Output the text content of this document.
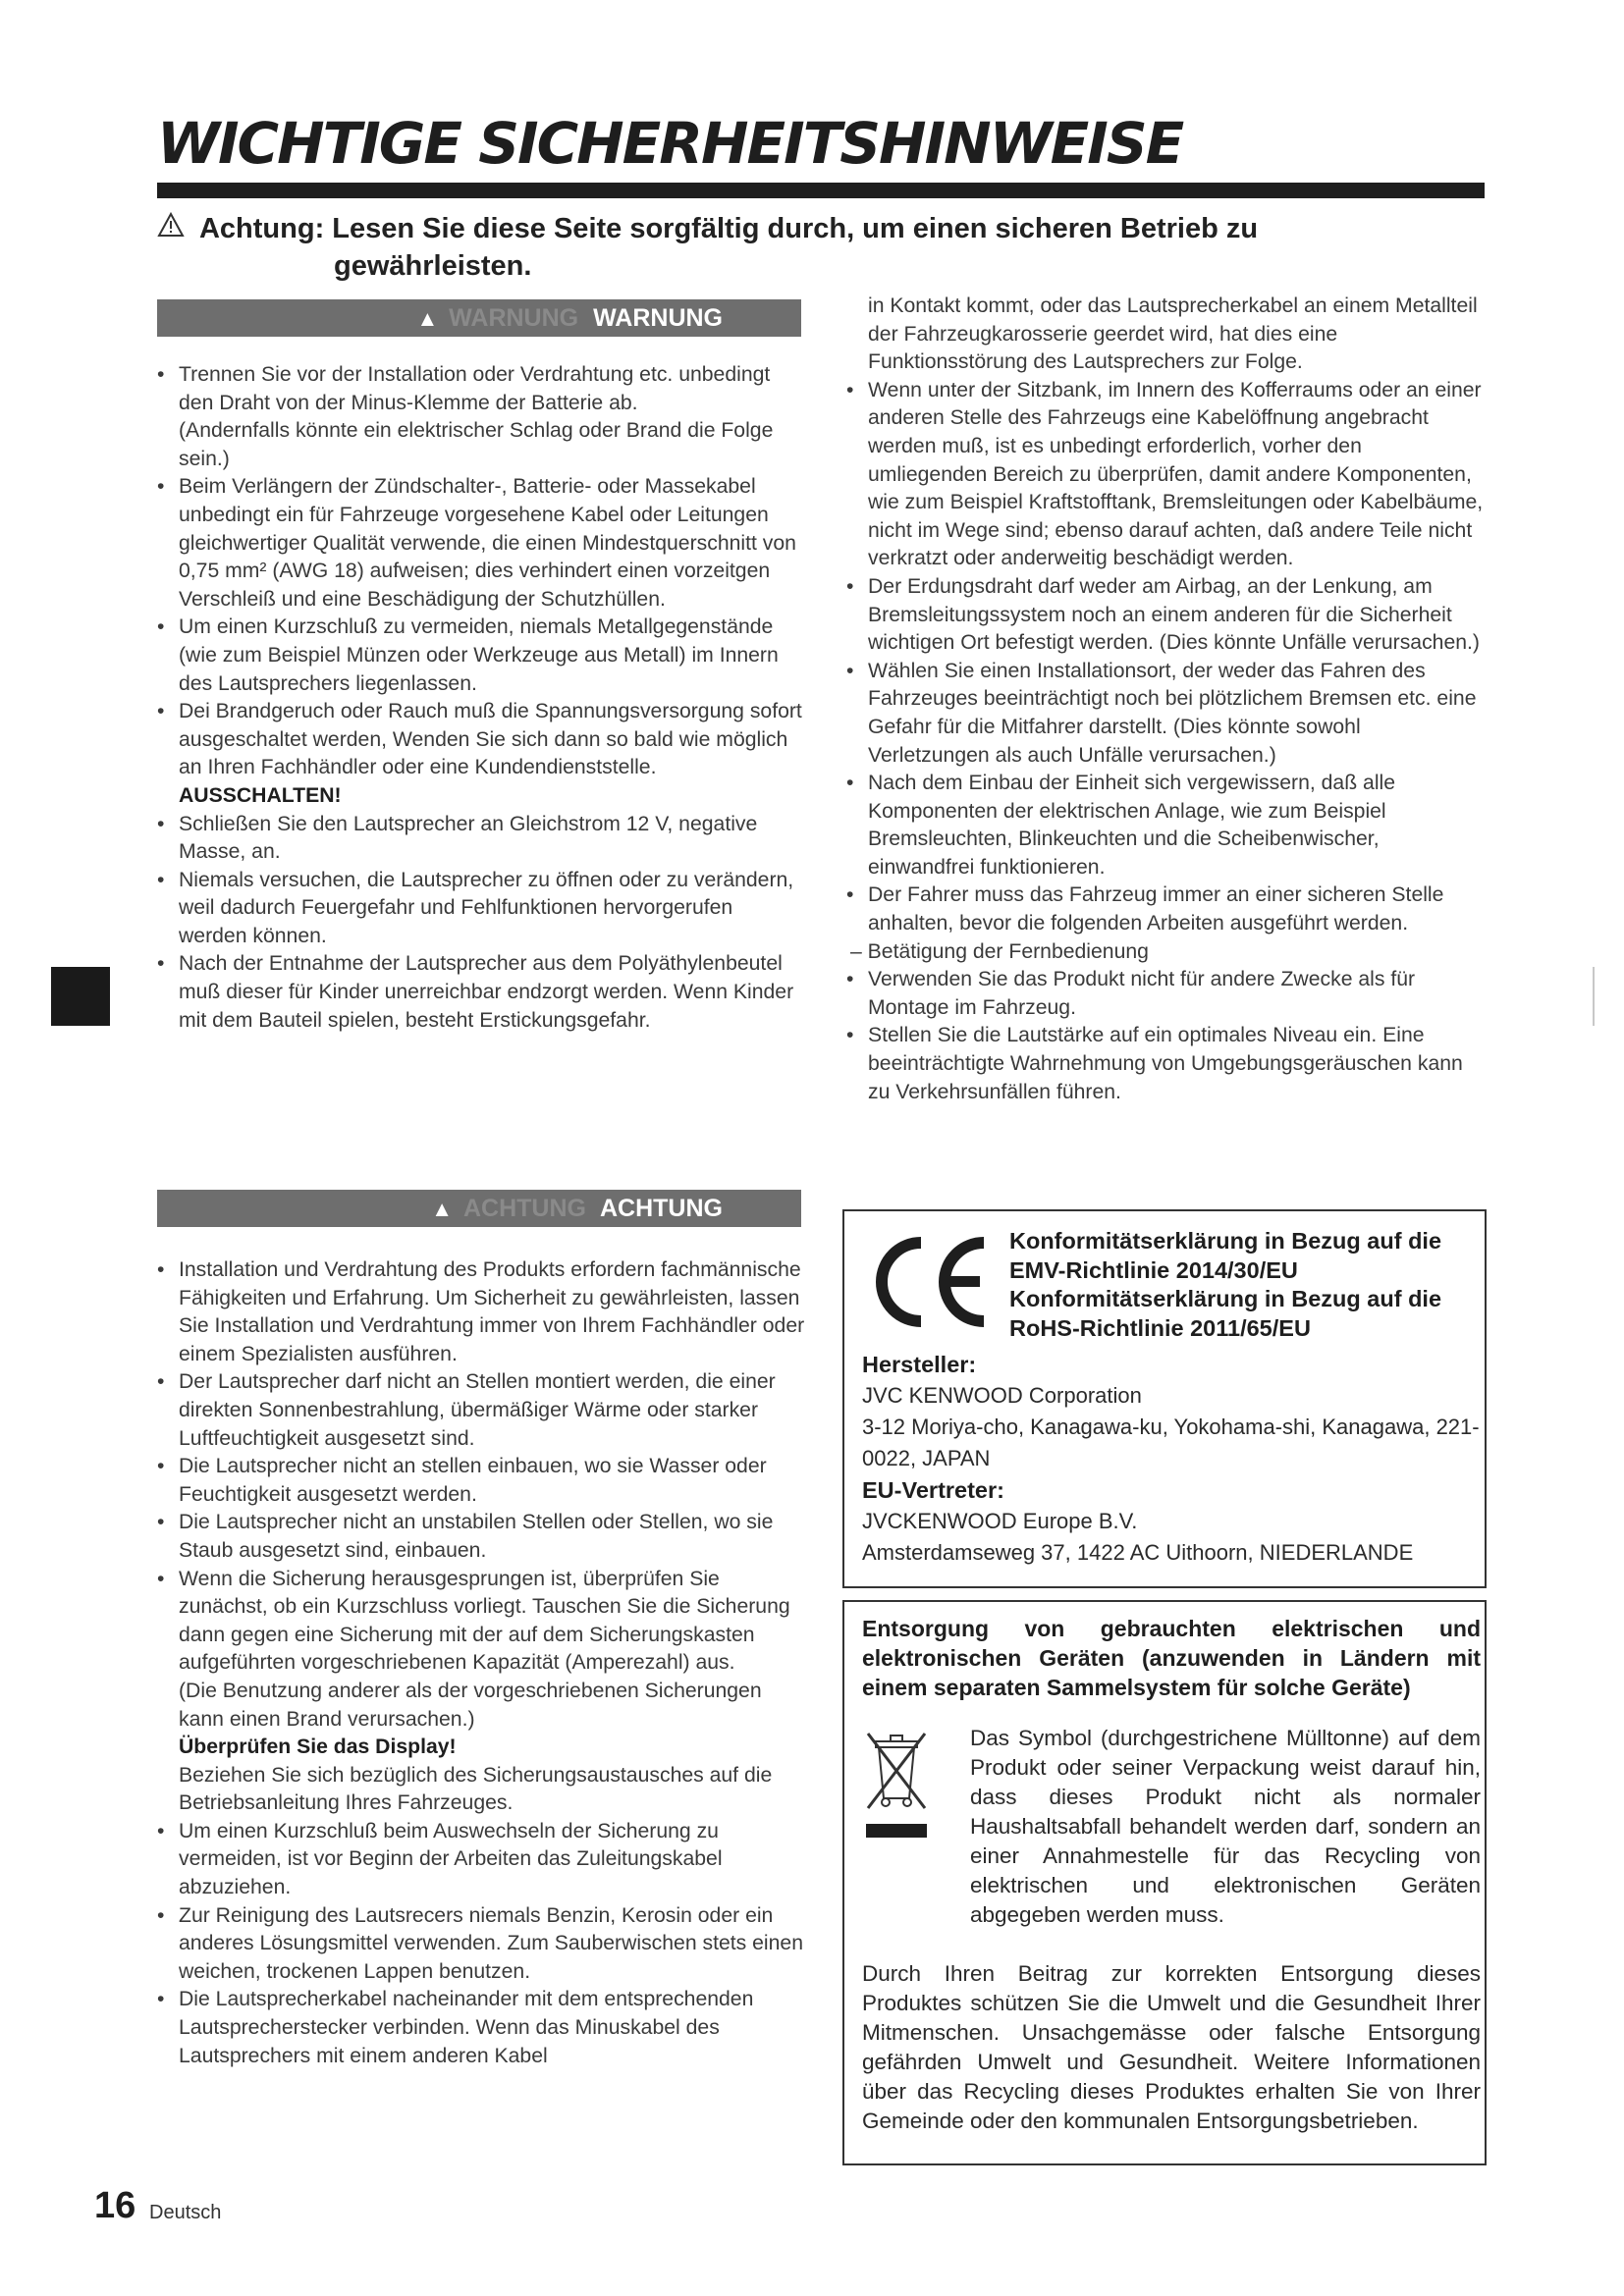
WICHTIGE SICHERHEITSHINWEISE
Achtung: Lesen Sie diese Seite sorgfältig durch, um einen sicheren Betrieb zu
gewährleisten.
▲ WARNUNG WARNUNG
• Trennen Sie vor der Installation oder Verdrahtung etc. unbedingt den Draht von der Minus-Klemme der Batterie ab.
(Andernfalls könnte ein elektrischer Schlag oder Brand die Folge sein.)
• Beim Verlängern der Zündschalter-, Batterie- oder Massekabel unbedingt ein für Fahrzeuge vorgesehene Kabel oder Leitungen gleichwertiger Qualität verwende, die einen Mindestquerschnitt von 0,75 mm² (AWG 18) aufweisen; dies verhindert einen vorzeitgen Verschleiß und eine Beschädigung der Schutzhüllen.
• Um einen Kurzschluß zu vermeiden, niemals Metallgegenstände (wie zum Beispiel Münzen oder Werkzeuge aus Metall) im Innern des Lautsprechers liegenlassen.
• Dei Brandgeruch oder Rauch muß die Spannungsversorgung sofort ausgeschaltet werden, Wenden Sie sich dann so bald wie möglich an Ihren Fachhändler oder eine Kundendienststelle.
AUSSCHALTEN!
• Schließen Sie den Lautsprecher an Gleichstrom 12 V, negative Masse, an.
• Niemals versuchen, die Lautsprecher zu öffnen oder zu verändern, weil dadurch Feuergefahr und Fehlfunktionen hervorgerufen werden können.
• Nach der Entnahme der Lautsprecher aus dem Polyäthylenbeutel muß dieser für Kinder unerreichbar endzorgt werden. Wenn Kinder mit dem Bauteil spielen, besteht Erstickungsgefahr.
▲ ACHTUNG ACHTUNG
• Installation und Verdrahtung des Produkts erfordern fachmännische Fähigkeiten und Erfahrung. Um Sicherheit zu gewährleisten, lassen Sie Installation und Verdrahtung immer von Ihrem Fachhändler oder einem Spezialisten ausführen.
• Der Lautsprecher darf nicht an Stellen montiert werden, die einer direkten Sonnenbestrahlung, übermäßiger Wärme oder starker Luftfeuchtigkeit ausgesetzt sind.
• Die Lautsprecher nicht an stellen einbauen, wo sie Wasser oder Feuchtigkeit ausgesetzt werden.
• Die Lautsprecher nicht an unstabilen Stellen oder Stellen, wo sie Staub ausgesetzt sind, einbauen.
• Wenn die Sicherung herausgesprungen ist, überprüfen Sie zunächst, ob ein Kurzschluss vorliegt. Tauschen Sie die Sicherung dann gegen eine Sicherung mit der auf dem Sicherungskasten aufgeführten vorgeschriebenen Kapazität (Amperezahl) aus.
(Die Benutzung anderer als der vorgeschriebenen Sicherungen kann einen Brand verursachen.)
Überprüfen Sie das Display!
Beziehen Sie sich bezüglich des Sicherungsaustausches auf die Betriebsanleitung Ihres Fahrzeuges.
• Um einen Kurzschluß beim Auswechseln der Sicherung zu vermeiden, ist vor Beginn der Arbeiten das Zuleitungskabel abzuziehen.
• Zur Reinigung des Lautsrecers niemals Benzin, Kerosin oder ein anderes Lösungsmittel verwenden. Zum Sauberwischen stets einen weichen, trockenen Lappen benutzen.
• Die Lautsprecherkabel nacheinander mit dem entsprechenden Lautsprecherstecker verbinden. Wenn das Minuskabel des Lautsprechers mit einem anderen Kabel
in Kontakt kommt, oder das Lautsprecherkabel an einem Metallteil der Fahrzeugkarosserie geerdet wird, hat dies eine Funktionsstörung des Lautsprechers zur Folge.
• Wenn unter der Sitzbank, im Innern des Kofferraums oder an einer anderen Stelle des Fahrzeugs eine Kabelöffnung angebracht werden muß, ist es unbedingt erforderlich, vorher den umliegenden Bereich zu überprüfen, damit andere Komponenten, wie zum Beispiel Kraftstofftank, Bremsleitungen oder Kabelbäume, nicht im Wege sind; ebenso darauf achten, daß andere Teile nicht verkratzt oder anderweitig beschädigt werden.
• Der Erdungsdraht darf weder am Airbag, an der Lenkung, am Bremsleitungssystem noch an einem anderen für die Sicherheit wichtigen Ort befestigt werden. (Dies könnte Unfälle verursachen.)
• Wählen Sie einen Installationsort, der weder das Fahren des Fahrzeuges beeinträchtigt noch bei plötzlichem Bremsen etc. eine Gefahr für die Mitfahrer darstellt. (Dies könnte sowohl Verletzungen als auch Unfälle verursachen.)
• Nach dem Einbau der Einheit sich vergewissern, daß alle Komponenten der elektrischen Anlage, wie zum Beispiel Bremsleuchten, Blinkeuchten und die Scheibenwischer, einwandfrei funktionieren.
• Der Fahrer muss das Fahrzeug immer an einer sicheren Stelle anhalten, bevor die folgenden Arbeiten ausgeführt werden.
– Betätigung der Fernbedienung
• Verwenden Sie das Produkt nicht für andere Zwecke als für Montage im Fahrzeug.
• Stellen Sie die Lautstärke auf ein optimales Niveau ein. Eine beeinträchtigte Wahrnehmung von Umgebungsgeräuschen kann zu Verkehrsunfällen führen.
Konformitätserklärung in Bezug auf die EMV-Richtlinie 2014/30/EU Konformitätserklärung in Bezug auf die RoHS-Richtlinie 2011/65/EU
Hersteller:
JVC KENWOOD Corporation
3-12 Moriya-cho, Kanagawa-ku, Yokohama-shi, Kanagawa, 221-0022, JAPAN
EU-Vertreter:
JVCKENWOOD Europe B.V.
Amsterdamseweg 37, 1422 AC Uithoorn, NIEDERLANDE
Entsorgung von gebrauchten elektrischen und elektronischen Geräten (anzuwenden in Ländern mit einem separaten Sammelsystem für solche Geräte)
Das Symbol (durchgestrichene Mülltonne) auf dem Produkt oder seiner Verpackung weist darauf hin, dass dieses Produkt nicht als normaler Haushaltsabfall behandelt werden darf, sondern an einer Annahmestelle für das Recycling von elektrischen und elektronischen Geräten abgegeben werden muss.
Durch Ihren Beitrag zur korrekten Entsorgung dieses Produktes schützen Sie die Umwelt und die Gesundheit Ihrer Mitmenschen. Unsachgemässe oder falsche Entsorgung gefährden Umwelt und Gesundheit. Weitere Informationen über das Recycling dieses Produktes erhalten Sie von Ihrer Gemeinde oder den kommunalen Entsorgungsbetrieben.
16 Deutsch
